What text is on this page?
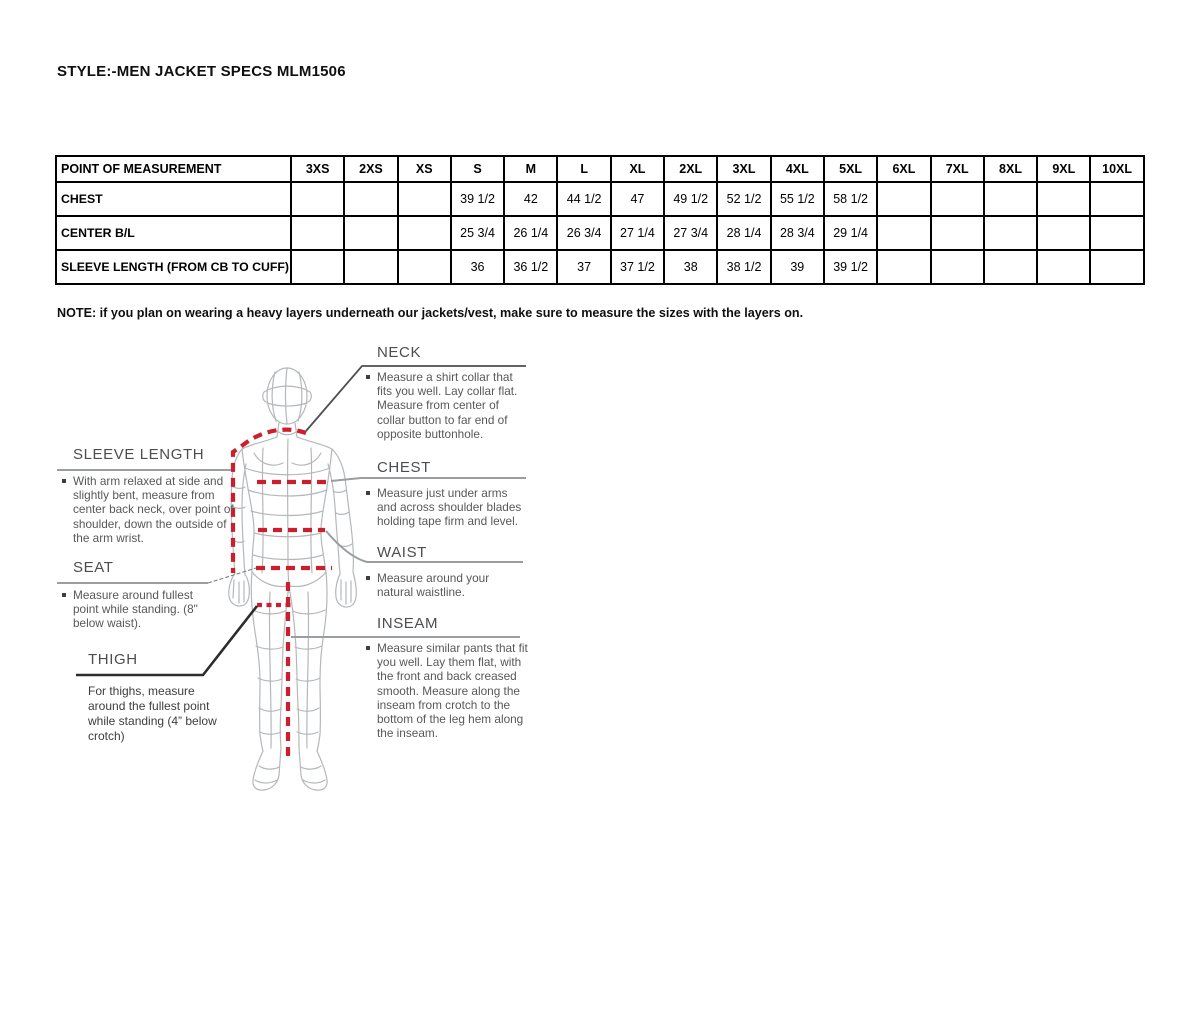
STYLE:-MEN JACKET SPECS MLM1506
POINT OF MEASUREMENT	3XS	2XS	XS	S	M	L	XL	2XL	3XL	4XL	5XL	6XL	7XL	8XL	9XL	10XL
CHEST				39 1/2	42	44 1/2	47	49 1/2	52 1/2	55 1/2	58 1/2					
CENTER B/L				25 3/4	26 1/4	26 3/4	27 1/4	27 3/4	28 1/4	28 3/4	29 1/4					
SLEEVE LENGTH (FROM CB TO CUFF)				36	36 1/2	37	37 1/2	38	38 1/2	39	39 1/2					

NOTE: if you plan on wearing a heavy layers underneath our jackets/vest, make sure to measure the sizes with the layers on.

NECK

Measure a shirt collar that fits you well. Lay collar flat. Measure from center of collar button to far end of opposite buttonhole.

SLEEVE LENGTH

With arm relaxed at side and slightly bent, measure from center back neck, over point of shoulder, down the outside of the arm wrist.

CHEST

Measure just under arms and across shoulder blades holding tape firm and level.

WAIST

Measure around your natural waistline.

SEAT

Measure around fullest point while standing. (8" below waist).	INSEAM

Measure similar pants that fit you well. Lay them flat, with the front and back creased smooth. Measure along the inseam from crotch to the bottom of the leg hem along the inseam.

THIGH

For thighs, measure around the fullest point while standing (4” below crotch)
